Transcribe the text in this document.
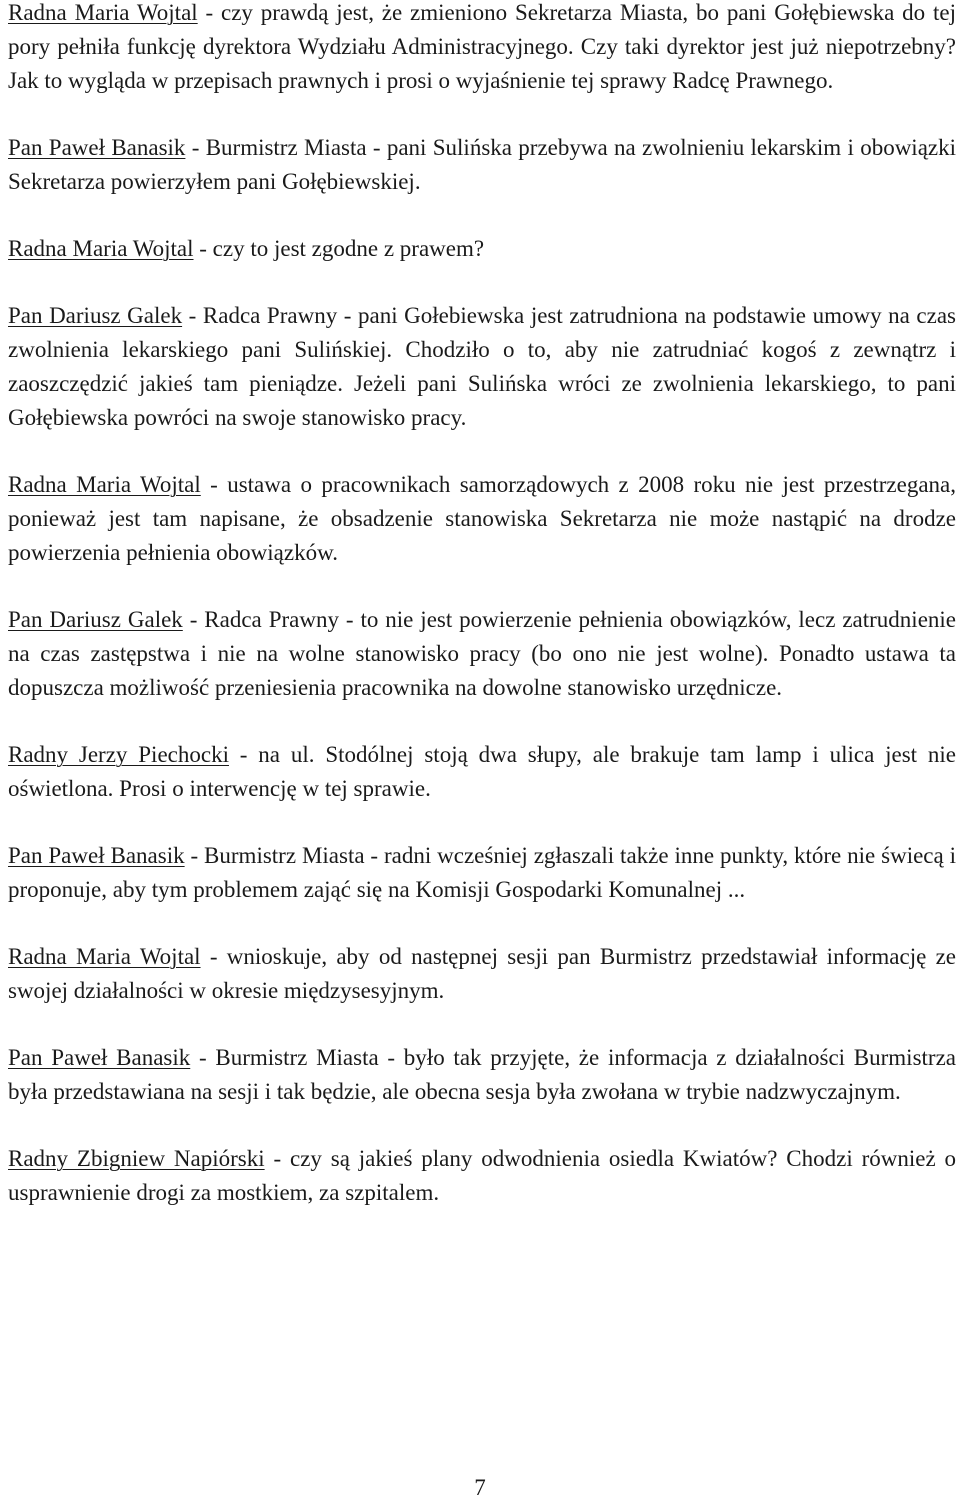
Radna Maria Wojtal - czy prawdą jest, że zmieniono Sekretarza Miasta, bo pani Gołębiewska do tej pory pełniła funkcję dyrektora Wydziału Administracyjnego. Czy taki dyrektor jest już niepotrzebny? Jak to wygląda w przepisach prawnych i prosi o wyjaśnienie tej sprawy Radcę Prawnego.

Pan Paweł Banasik - Burmistrz Miasta - pani Sulińska przebywa na zwolnieniu lekarskim i obowiązki Sekretarza powierzyłem pani Gołębiewskiej.

Radna Maria Wojtal - czy to jest zgodne z prawem?

Pan Dariusz Galek - Radca Prawny - pani Gołebiewska jest zatrudniona na podstawie umowy na czas zwolnienia lekarskiego pani Sulińskiej. Chodziło o to, aby nie zatrudniać kogoś z zewnątrz i zaoszczędzić jakieś tam pieniądze. Jeżeli pani Sulińska wróci ze zwolnienia lekarskiego, to pani Gołębiewska powróci na swoje stanowisko pracy.

Radna Maria Wojtal - ustawa o pracownikach samorządowych z 2008 roku nie jest przestrzegana, ponieważ jest tam napisane, że obsadzenie stanowiska Sekretarza nie może nastąpić na drodze powierzenia pełnienia obowiązków.

Pan Dariusz Galek - Radca Prawny - to nie jest powierzenie pełnienia obowiązków, lecz zatrudnienie na czas zastępstwa i nie na wolne stanowisko pracy (bo ono nie jest wolne). Ponadto ustawa ta dopuszcza możliwość przeniesienia pracownika na dowolne stanowisko urzędnicze.

Radny Jerzy Piechocki - na ul. Stodólnej stoją dwa słupy, ale brakuje tam lamp i ulica jest nie oświetlona. Prosi o interwencję w tej sprawie.

Pan Paweł Banasik - Burmistrz Miasta - radni wcześniej zgłaszali także inne punkty, które nie świecą i proponuje, aby tym problemem zająć się na Komisji Gospodarki Komunalnej ...

Radna Maria Wojtal - wnioskuje, aby od następnej sesji pan Burmistrz przedstawiał informację ze swojej działalności w okresie międzysesyjnym.

Pan Paweł Banasik - Burmistrz Miasta - było tak przyjęte, że informacja z działalności Burmistrza była przedstawiana na sesji i tak będzie, ale obecna sesja była zwołana w trybie nadzwyczajnym.

Radny Zbigniew Napiórski - czy są jakieś plany odwodnienia osiedla Kwiatów? Chodzi również o usprawnienie drogi za mostkiem, za szpitalem.

7
